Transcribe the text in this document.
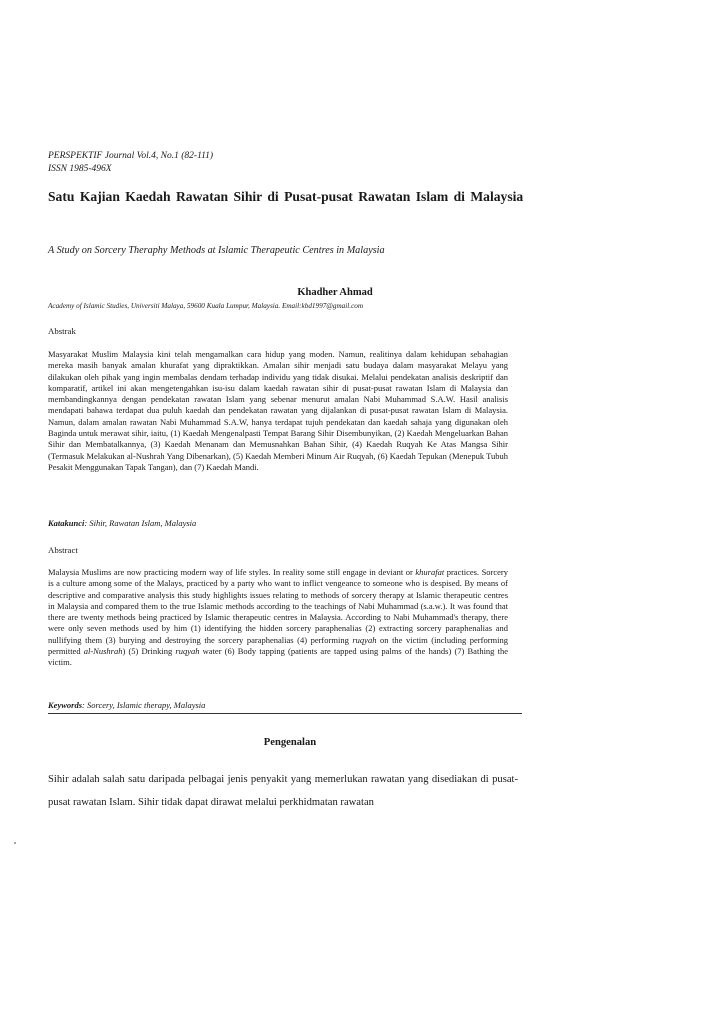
PERSPEKTIF Journal Vol.4, No.1 (82-111)
ISSN 1985-496X
Satu Kajian Kaedah Rawatan Sihir di Pusat-pusat Rawatan Islam di Malaysia
A Study on Sorcery Theraphy Methods at Islamic Therapeutic Centres in Malaysia
Khadher Ahmad
Academy of Islamic Studies, Universiti Malaya, 59600 Kuala Lumpur, Malaysia. Email:kbd1997@gmail.com
Abstrak
Masyarakat Muslim Malaysia kini telah mengamalkan cara hidup yang moden. Namun, realitinya dalam kehidupan sebahagian mereka masih banyak amalan khurafat yang dipraktikkan. Amalan sihir menjadi satu budaya dalam masyarakat Melayu yang dilakukan oleh pihak yang ingin membalas dendam terhadap individu yang tidak disukai. Melalui pendekatan analisis deskriptif dan komparatif, artikel ini akan mengetengahkan isu-isu dalam kaedah rawatan sihir di pusat-pusat rawatan Islam di Malaysia dan membandingkannya dengan pendekatan rawatan Islam yang sebenar menurut amalan Nabi Muhammad S.A.W. Hasil analisis mendapati bahawa terdapat dua puluh kaedah dan pendekatan rawatan yang dijalankan di pusat-pusat rawatan Islam di Malaysia. Namun, dalam amalan rawatan Nabi Muhammad S.A.W, hanya terdapat tujuh pendekatan dan kaedah sahaja yang digunakan oleh Baginda untuk merawat sihir, iaitu, (1) Kaedah Mengenalpasti Tempat Barang Sihir Disembunyikan, (2) Kaedah Mengeluarkan Bahan Sihir dan Membatalkannya, (3) Kaedah Menanam dan Memusnahkan Bahan Sihir, (4) Kaedah Ruqyah Ke Atas Mangsa Sihir (Termasuk Melakukan al-Nushrah Yang Dibenarkan), (5) Kaedah Memberi Minum Air Ruqyah, (6) Kaedah Tepukan (Menepuk Tubuh Pesakit Menggunakan Tapak Tangan), dan (7) Kaedah Mandi.
Katakunci: Sihir, Rawatan Islam, Malaysia
Abstract
Malaysia Muslims are now practicing modern way of life styles. In reality some still engage in deviant or khurafat practices. Sorcery is a culture among some of the Malays, practiced by a party who want to inflict vengeance to someone who is despised. By means of descriptive and comparative analysis this study highlights issues relating to methods of sorcery therapy at Islamic therapeutic centres in Malaysia and compared them to the true Islamic methods according to the teachings of Nabi Muhammad (s.a.w.). It was found that there are twenty methods being practiced by Islamic therapeutic centres in Malaysia. According to Nabi Muhammad's therapy, there were only seven methods used by him (1) identifying the hidden sorcery paraphenalias (2) extracting sorcery paraphenalias and nullifying them (3) burying and destroying the sorcery paraphenalias (4) performing ruqyah on the victim (including performing permitted al-Nushrah) (5) Drinking ruqyah water (6) Body tapping (patients are tapped using palms of the hands) (7) Bathing the victim.
Keywords: Sorcery, Islamic therapy, Malaysia
Pengenalan
Sihir adalah salah satu daripada pelbagai jenis penyakit yang memerlukan rawatan yang disediakan di pusat-pusat rawatan Islam. Sihir tidak dapat dirawat melalui perkhidmatan rawatan
